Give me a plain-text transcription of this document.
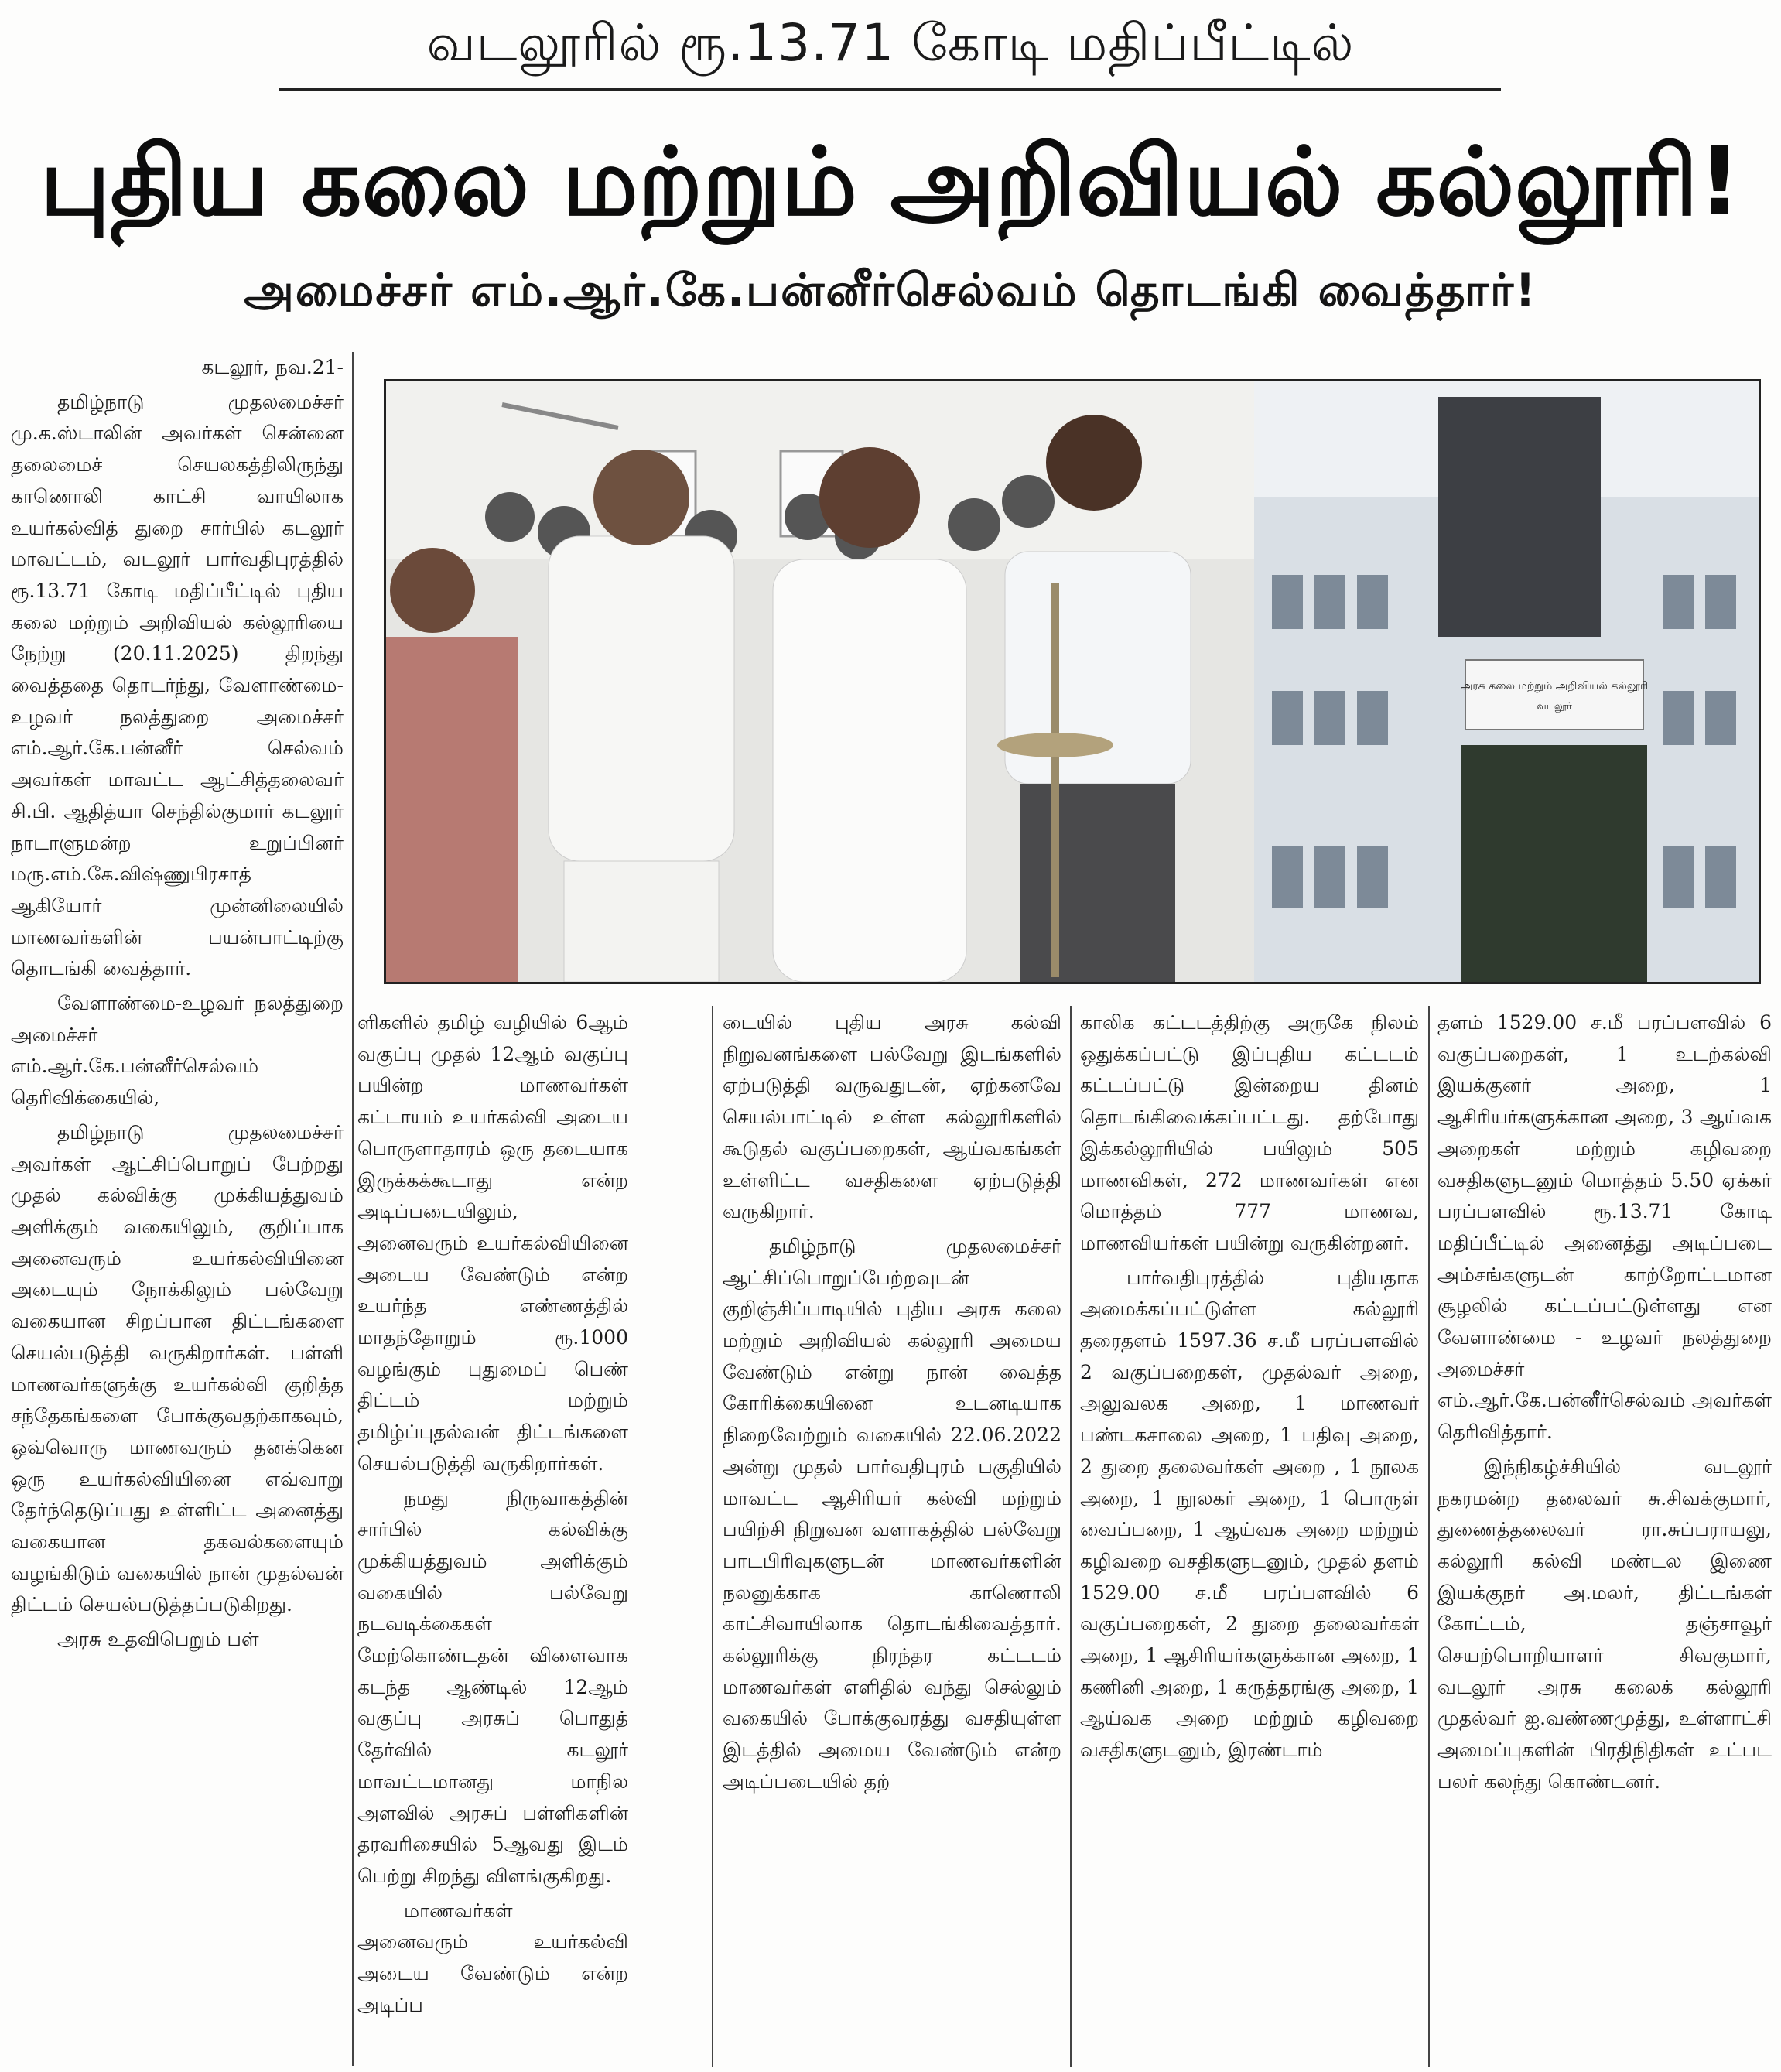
வடலூரில் ரூ.13.71 கோடி மதிப்பீட்டில்
புதிய கலை மற்றும் அறிவியல் கல்லூரி!
அமைச்சர் எம்.ஆர்.கே.பன்னீர்செல்வம் தொடங்கி வைத்தார்!

கடலூர், நவ.21-

தமிழ்நாடு முதலமைச்சர் மு.க.ஸ்டாலின் அவர்கள் சென்னை தலைமைச் செயலகத்திலிருந்து காணொலி காட்சி வாயிலாக உயர்கல்வித் துறை சார்பில் கடலூர் மாவட்டம், வடலூர் பார்வதிபுரத்தில் ரூ.13.71 கோடி மதிப்பீட்டில் புதிய கலை மற்றும் அறிவியல் கல்லூரியை நேற்று (20.11.2025) திறந்து வைத்ததை தொடர்ந்து, வேளாண்மை-உழவர் நலத்துறை அமைச்சர் எம்.ஆர்.கே.பன்னீர் செல்வம் அவர்கள் மாவட்ட ஆட்சித்தலைவர் சி.பி. ஆதித்யா செந்தில்குமார் கடலூர் நாடாளுமன்ற உறுப்பினர் மரு.எம்.கே.விஷ்ணுபிரசாத் ஆகியோர் முன்னிலையில் மாணவர்களின் பயன்பாட்டிற்கு தொடங்கி வைத்தார்.

வேளாண்மை-உழவர் நலத்துறை அமைச்சர் எம்.ஆர்.கே.பன்னீர்செல்வம் தெரிவிக்கையில்,

தமிழ்நாடு முதலமைச்சர் அவர்கள் ஆட்சிப்பொறுப் பேற்றது முதல் கல்விக்கு முக்கியத்துவம் அளிக்கும் வகையிலும், குறிப்பாக அனைவரும் உயர்கல்வியினை அடையும் நோக்கிலும் பல்வேறு வகையான சிறப்பான திட்டங்களை செயல்படுத்தி வருகிறார்கள். பள்ளி மாணவர்களுக்கு உயர்கல்வி குறித்த சந்தேகங்களை போக்குவதற்காகவும், ஒவ்வொரு மாணவரும் தனக்கென ஒரு உயர்கல்வியினை எவ்வாறு தேர்ந்தெடுப்பது உள்ளிட்ட அனைத்து வகையான தகவல்களையும் வழங்கிடும் வகையில் நான் முதல்வன் திட்டம் செயல்படுத்தப்படுகிறது.

அரசு உதவிபெறும் பள்

அரசு கலை மற்றும் அறிவியல் கல்லூரி
வடலூர்

ளிகளில் தமிழ் வழியில் 6ஆம் வகுப்பு முதல் 12ஆம் வகுப்பு பயின்ற மாணவர்கள் கட்டாயம் உயர்கல்வி அடைய பொருளாதாரம் ஒரு தடையாக இருக்கக்கூடாது என்ற அடிப்படையிலும், அனைவரும் உயர்கல்வியினை அடைய வேண்டும் என்ற உயர்ந்த எண்ணத்தில் மாதந்தோறும் ரூ.1000 வழங்கும் புதுமைப் பெண் திட்டம் மற்றும் தமிழ்ப்புதல்வன் திட்டங்களை செயல்படுத்தி வருகிறார்கள்.

நமது நிருவாகத்தின் சார்பில் கல்விக்கு முக்கியத்துவம் அளிக்கும் வகையில் பல்வேறு நடவடிக்கைகள் மேற்கொண்டதன் விளைவாக கடந்த ஆண்டில் 12ஆம் வகுப்பு அரசுப் பொதுத் தேர்வில் கடலூர் மாவட்டமானது மாநில அளவில் அரசுப் பள்ளிகளின் தரவரிசையில் 5ஆவது இடம் பெற்று சிறந்து விளங்குகிறது.

மாணவர்கள் அனைவரும் உயர்கல்வி அடைய வேண்டும் என்ற அடிப்ப

டையில் புதிய அரசு கல்வி நிறுவனங்களை பல்வேறு இடங்களில் ஏற்படுத்தி வருவதுடன், ஏற்கனவே செயல்பாட்டில் உள்ள கல்லூரிகளில் கூடுதல் வகுப்பறைகள், ஆய்வகங்கள் உள்ளிட்ட வசதிகளை ஏற்படுத்தி வருகிறார்.

தமிழ்நாடு முதலமைச்சர் ஆட்சிப்பொறுப்பேற்றவுடன் குறிஞ்சிப்பாடியில் புதிய அரசு கலை மற்றும் அறிவியல் கல்லூரி அமைய வேண்டும் என்று நான் வைத்த கோரிக்கையினை உடனடியாக நிறைவேற்றும் வகையில் 22.06.2022 அன்று முதல் பார்வதிபுரம் பகுதியில் மாவட்ட ஆசிரியர் கல்வி மற்றும் பயிற்சி நிறுவன வளாகத்தில் பல்வேறு பாடபிரிவுகளுடன் மாணவர்களின் நலனுக்காக காணொலி காட்சிவாயிலாக தொடங்கிவைத்தார். கல்லூரிக்கு நிரந்தர கட்டடம் மாணவர்கள் எளிதில் வந்து செல்லும் வகையில் போக்குவரத்து வசதியுள்ள இடத்தில் அமைய வேண்டும் என்ற அடிப்படையில் தற்

காலிக கட்டடத்திற்கு அருகே நிலம் ஒதுக்கப்பட்டு இப்புதிய கட்டடம் கட்டப்பட்டு இன்றைய தினம் தொடங்கிவைக்கப்பட்டது. தற்போது இக்கல்லூரியில் பயிலும் 505 மாணவிகள், 272 மாணவர்கள் என மொத்தம் 777 மாணவ, மாணவியர்கள் பயின்று வருகின்றனர்.

பார்வதிபுரத்தில் புதியதாக அமைக்கப்பட்டுள்ள கல்லூரி தரைதளம் 1597.36 ச.மீ பரப்பளவில் 2 வகுப்பறைகள், முதல்வர் அறை, அலுவலக அறை, 1 மாணவர் பண்டகசாலை அறை, 1 பதிவு அறை, 2 துறை தலைவர்கள் அறை , 1 நூலக அறை, 1 நூலகர் அறை, 1 பொருள் வைப்பறை, 1 ஆய்வக அறை மற்றும் கழிவறை வசதிகளுடனும், முதல் தளம் 1529.00 ச.மீ பரப்பளவில் 6 வகுப்பறைகள், 2 துறை தலைவர்கள் அறை, 1 ஆசிரியர்களுக்கான அறை, 1 கணினி அறை, 1 கருத்தரங்கு அறை, 1 ஆய்வக அறை மற்றும் கழிவறை வசதிகளுடனும், இரண்டாம்

தளம் 1529.00 ச.மீ பரப்பளவில் 6 வகுப்பறைகள், 1 உடற்கல்வி இயக்குனர் அறை, 1 ஆசிரியர்களுக்கான அறை, 3 ஆய்வக அறைகள் மற்றும் கழிவறை வசதிகளுடனும் மொத்தம் 5.50 ஏக்கர் பரப்பளவில் ரூ.13.71 கோடி மதிப்பீட்டில் அனைத்து அடிப்படை அம்சங்களுடன் காற்றோட்டமான சூழலில் கட்டப்பட்டுள்ளது என வேளாண்மை - உழவர் நலத்துறை அமைச்சர் எம்.ஆர்.கே.பன்னீர்செல்வம் அவர்கள் தெரிவித்தார்.

இந்நிகழ்ச்சியில் வடலூர் நகரமன்ற தலைவர் சு.சிவக்குமார், துணைத்தலைவர் ரா.சுப்பராயலு, கல்லூரி கல்வி மண்டல இணை இயக்குநர் அ.மலர், திட்டங்கள் கோட்டம், தஞ்சாவூர் செயற்பொறியாளர் சிவகுமார், வடலூர் அரசு கலைக் கல்லூரி முதல்வர் ஐ.வண்ணமுத்து, உள்ளாட்சி அமைப்புகளின் பிரதிநிதிகள் உட்பட பலர் கலந்து கொண்டனர்.
